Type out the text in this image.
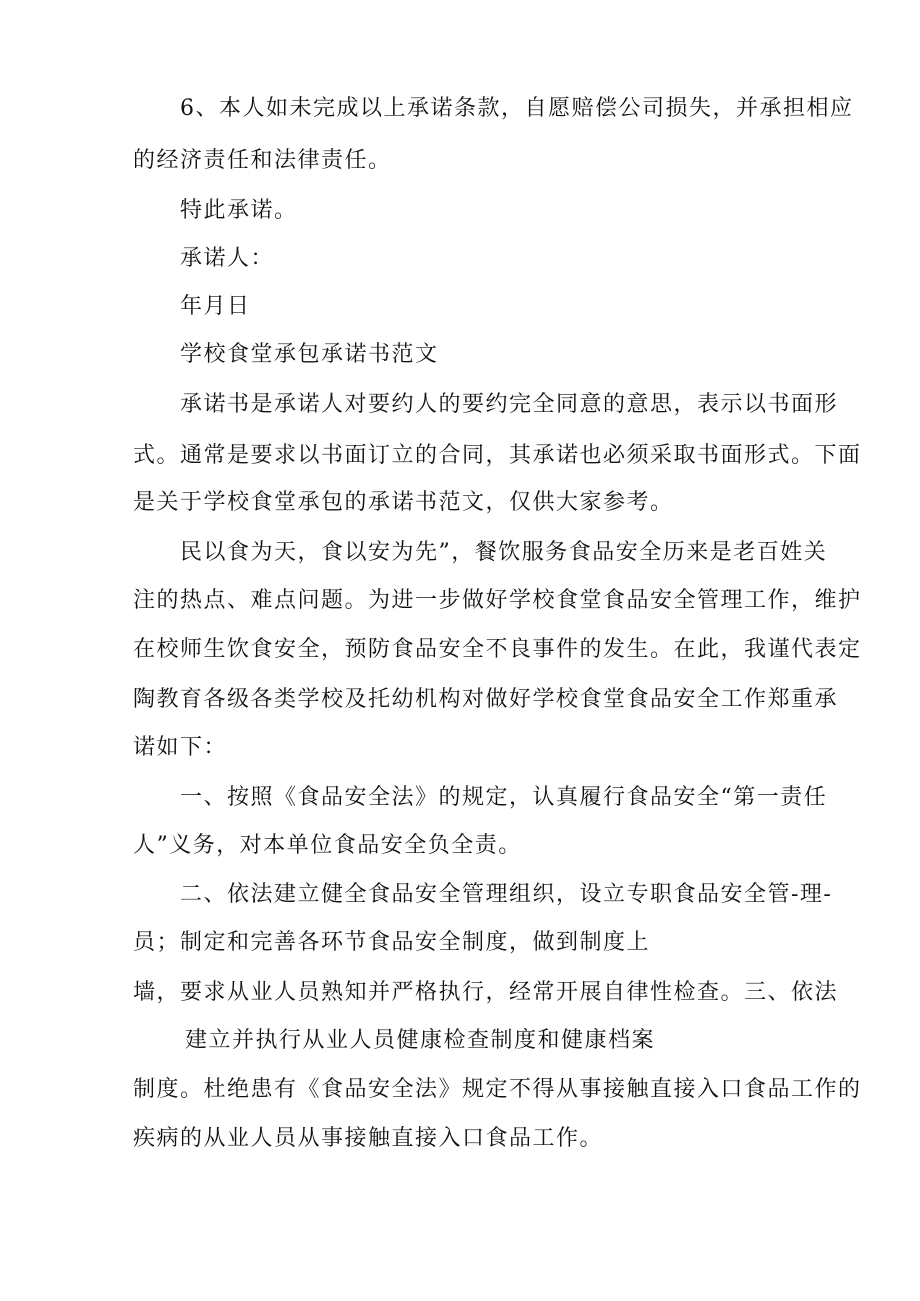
6、本人如未完成以上承诺条款，自愿赔偿公司损失，并承担相应
的经济责任和法律责任。
特此承诺。
承诺人：
年月日
学校食堂承包承诺书范文
承诺书是承诺人对要约人的要约完全同意的意思，表示以书面形
式。通常是要求以书面订立的合同，其承诺也必须采取书面形式。下面
是关于学校食堂承包的承诺书范文，仅供大家参考。
民以食为天，食以安为先”，餐饮服务食品安全历来是老百姓关
注的热点、难点问题。为进一步做好学校食堂食品安全管理工作，维护
在校师生饮食安全，预防食品安全不良事件的发生。在此，我谨代表定
陶教育各级各类学校及托幼机构对做好学校食堂食品安全工作郑重承
诺如下：
一、按照《食品安全法》的规定，认真履行食品安全“第一责任
人”义务，对本单位食品安全负全责。
二、依法建立健全食品安全管理组织，设立专职食品安全管-理-
员；制定和完善各环节食品安全制度，做到制度上
墙，要求从业人员熟知并严格执行，经常开展自律性检查。三、依法
建立并执行从业人员健康检查制度和健康档案
制度。杜绝患有《食品安全法》规定不得从事接触直接入口食品工作的
疾病的从业人员从事接触直接入口食品工作。
